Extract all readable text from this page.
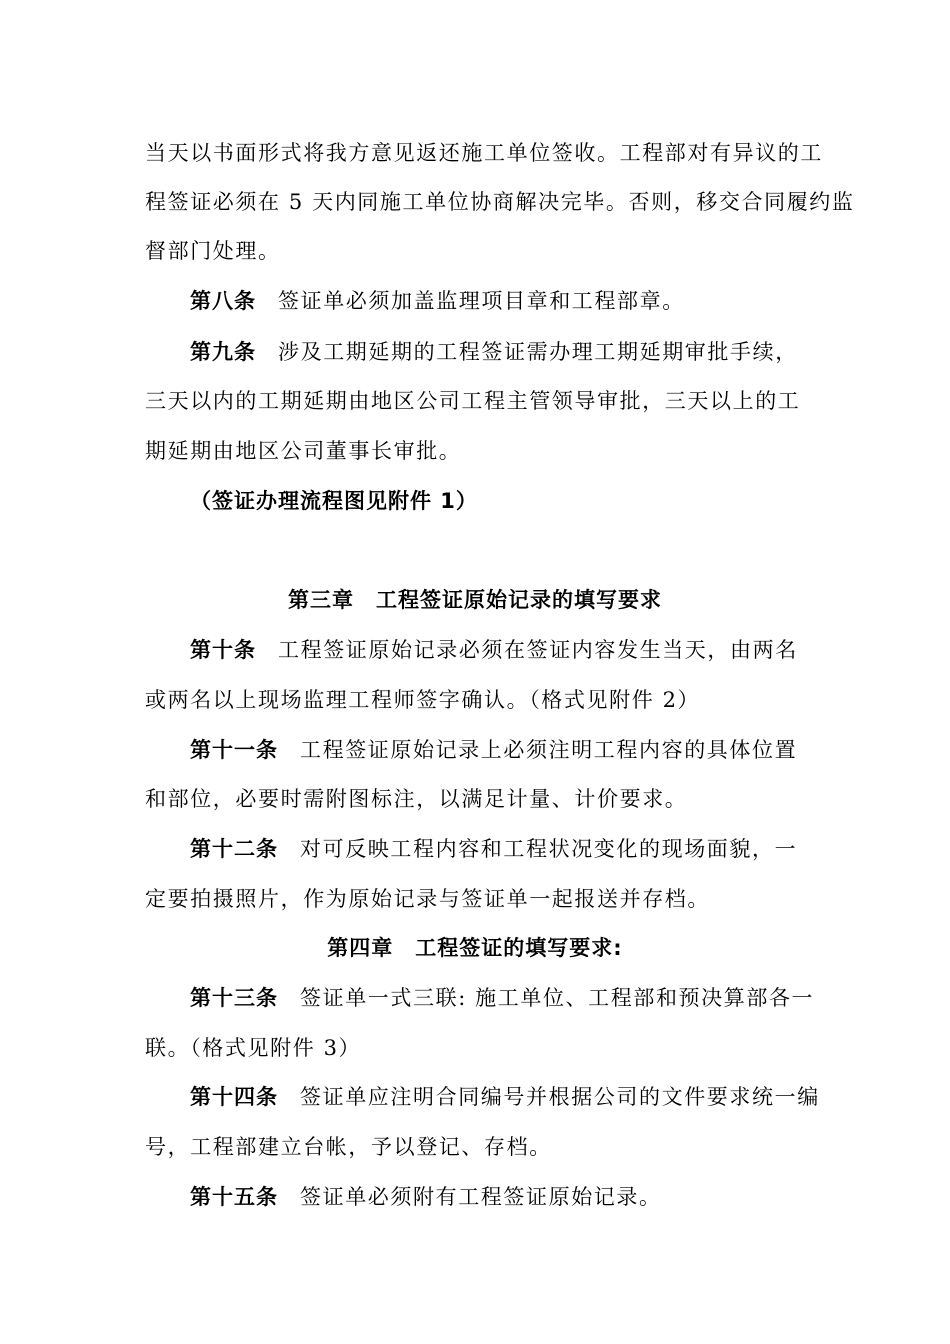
当天以书面形式将我方意见返还施工单位签收。工程部对有异议的工
程签证必须在 5 天内同施工单位协商解决完毕。否则，移交合同履约监
督部门处理。
第八条 签证单必须加盖监理项目章和工程部章。
第九条 涉及工期延期的工程签证需办理工期延期审批手续，
三天以内的工期延期由地区公司工程主管领导审批，三天以上的工
期延期由地区公司董事长审批。
（签证办理流程图见附件 1）
第三章　工程签证原始记录的填写要求
第十条 工程签证原始记录必须在签证内容发生当天，由两名
或两名以上现场监理工程师签字确认。（格式见附件 2）
第十一条 工程签证原始记录上必须注明工程内容的具体位置
和部位，必要时需附图标注，以满足计量、计价要求。
第十二条 对可反映工程内容和工程状况变化的现场面貌，一
定要拍摄照片，作为原始记录与签证单一起报送并存档。
第四章　工程签证的填写要求:
第十三条 签证单一式三联: 施工单位、工程部和预决算部各一
联。（格式见附件 3）
第十四条 签证单应注明合同编号并根据公司的文件要求统一编
号，工程部建立台帐，予以登记、存档。
第十五条 签证单必须附有工程签证原始记录。
